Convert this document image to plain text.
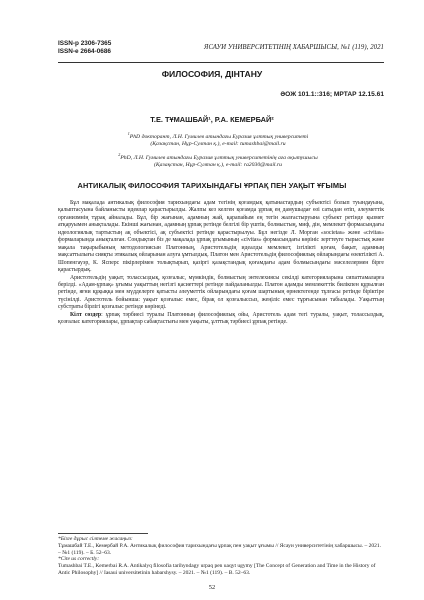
ISSN-p 2306-7365
ISSN-e 2664-0686
ЯСАУИ УНИВЕРСИТЕТІНІҢ ХАБАРШЫСЫ, №1 (119), 2021
ФИЛОСОФИЯ, ДІНТАНУ
ӘОЖ 101.1::316; МРТАР 12.15.61
Т.Е. ТҰМАШБАЙ¹, Р.А. КЕМЕРБАЙ²
$^1$PhD докторант, Л.Н. Гумилев атындағы Еуразия ұлттық университеті
(Қазақстан, Нұр-Султан қ.), e-mail: tumashbai@mail.ru
$^2$PhD, Л.Н. Гумилев атындағы Еуразия ұлттық университетінің аға оқытушысы
(Қазақстан, Нұр-Султан қ.), e-mail: ra2030@mail.ru
АНТИКАЛЫҚ ФИЛОСОФИЯ ТАРИХЫНДАҒЫ ҰРПАҚ ПЕН УАҚЫТ ҰҒЫМЫ

Бұл мақалада антикалық философия тарихындағы адам тегінің қоғамдық қатынастардың субъектісі болып туындауына, қалыптасуына байланысты идеялар қарастырылды. Жалпы кез келген қоғамда ұрпақ ең дамушыдағ өзі сатыдан өтіп, әлеуметтік организмнің тұрақ айналады. Бұл, бір жағынан, адамның жай, қарапайым ең тегін жалғастыруына субъект ретінде қызмет атқаруымен анықталады. Екінші жағынан, адамның ұрпақ ретінде белгілі бір үштік, болмыстың, миф, дін, мемлекет формасындағы идеологиялық тартыстың ақ объектісі, ақ субъектісі ретінде қарастырылуы. Бұл негізде Л. Морган «societas» және «civitas» формаларында анықталған. Сондықтан біз де мақалада ұрпақ ұғымының «civitas» формасындағы көрініс зерттеуге тырыстық және мақала тақырыбының методологиясын Платонның, Аристотельдің идеалды мемлекет, ізгілікті қоғам, бақыт, адамның мақсаттылығы сияқты этикалық ойларынан алуға ұмтылдық. Платон мен Аристотельдің философиялық ойларындағы өзектілікті А. Шопенгауэр, К. Ясперс пікірлерімен толықтырып, қазіргі қазақстандық қоғамдағы адам болмысындағы мәселелермен бірге қарастырдық.

Аристотельдің уақыт, толассыздық, қозғалыс, мүмкіндік, болмыстың энтелехиясы секілді категорияларына сипаттамаларға берілді. «Адам-ұрпақ» ұғымы уақыттың негізгі қасиеттері ретінде пайдаланылды. Платон адамды мемлекеттік билікпен құрылған ретінде, яғни құқыққа мен мүдделерге қатысты әлеуметтік ойларындағы қоғам шартының өрнектегенде тұлғасы ретінде біріктіре түсінілді. Аристотель бойынша: уақыт қозғалыс емес, бірақ ол қозғалыссыз, жеңіліс емес тұрғысынан табылады. Уақыттың субстраты бірлігі қозғалыс ретінде көрінеді.

Кілт сөздер: ұрпақ тәрбиесі туралы Платонның философиялық ойы, Аристотель адам тегі туралы, уақыт, толассыздық, қозғалыс категориялары, ұрпақтар сабақтастығы мен уақыты, ұлттық тәрбиесі ұрпақ ретінде.

*Бізге дұрыс сілтеме жасаңыз:
Тұмашбай Т.Е., Кемербай Р.А. Антикалық философия тарихындағы ұрпақ пен уақыт ұғымы // Ясауи университетінің хабаршысы. – 2021. – №1 (119). – Б. 52–63.
*Cite us correctly:
Tumashbai T.E., Kemerbai R.A. Antikalyq filosofia tarihyndagy urpaq pen uaqyt ugymy [The Concept of Generation and Time in the History of Antic Philosophy] // Iasaui universitetinin habarshysy. – 2021. – №1 (119). – B. 52–63.
52
